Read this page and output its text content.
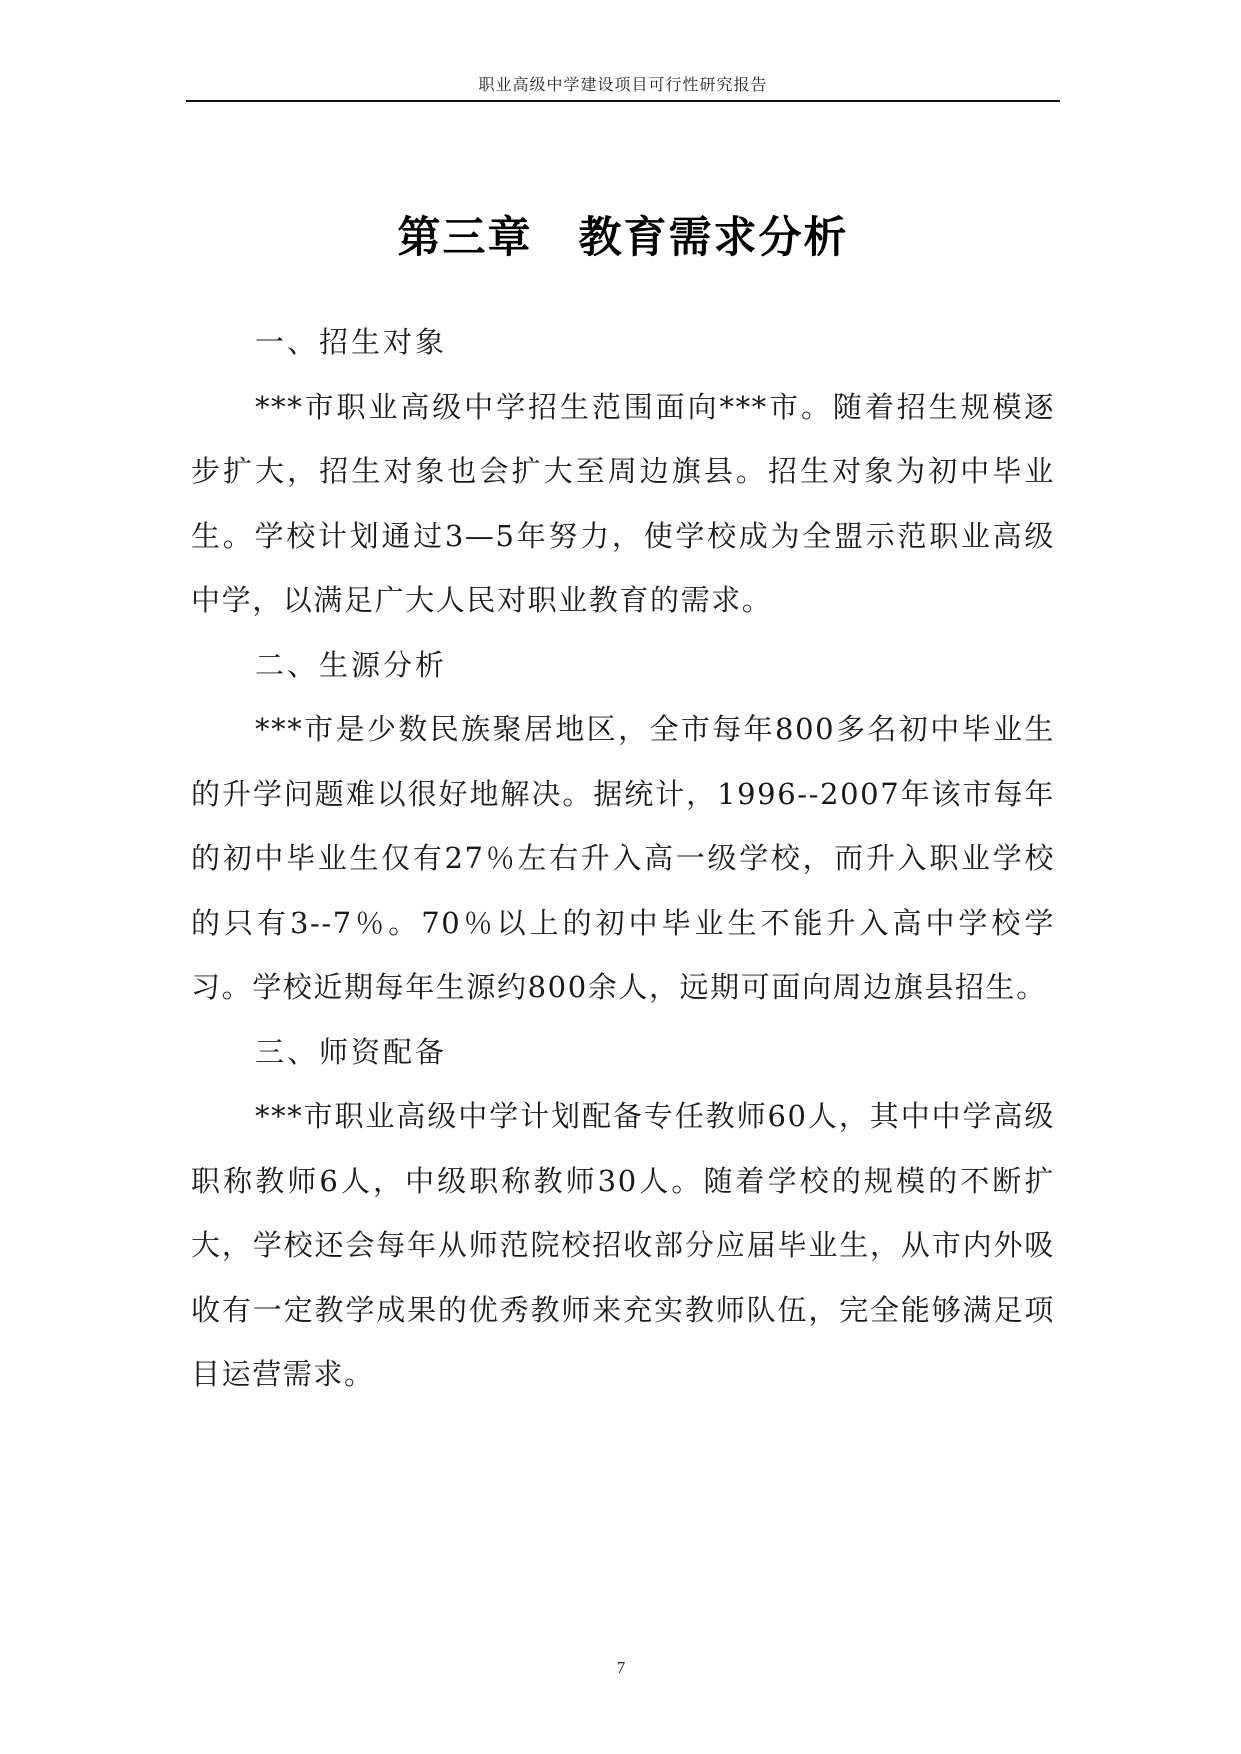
职业高级中学建设项目可行性研究报告
第三章 教育需求分析

一、招生对象

***市职业高级中学招生范围面向***市。随着招生规模逐步扩大，招生对象也会扩大至周边旗县。招生对象为初中毕业生。学校计划通过3—5年努力，使学校成为全盟示范职业高级中学，以满足广大人民对职业教育的需求。

二、生源分析

***市是少数民族聚居地区，全市每年800多名初中毕业生的升学问题难以很好地解决。据统计，1996--2007年该市每年的初中毕业生仅有27％左右升入高一级学校，而升入职业学校的只有3--7％。70％以上的初中毕业生不能升入高中学校学习。学校近期每年生源约800余人，远期可面向周边旗县招生。

三、师资配备

***市职业高级中学计划配备专任教师60人，其中中学高级职称教师6人，中级职称教师30人。随着学校的规模的不断扩大，学校还会每年从师范院校招收部分应届毕业生，从市内外吸收有一定教学成果的优秀教师来充实教师队伍，完全能够满足项目运营需求。

7
